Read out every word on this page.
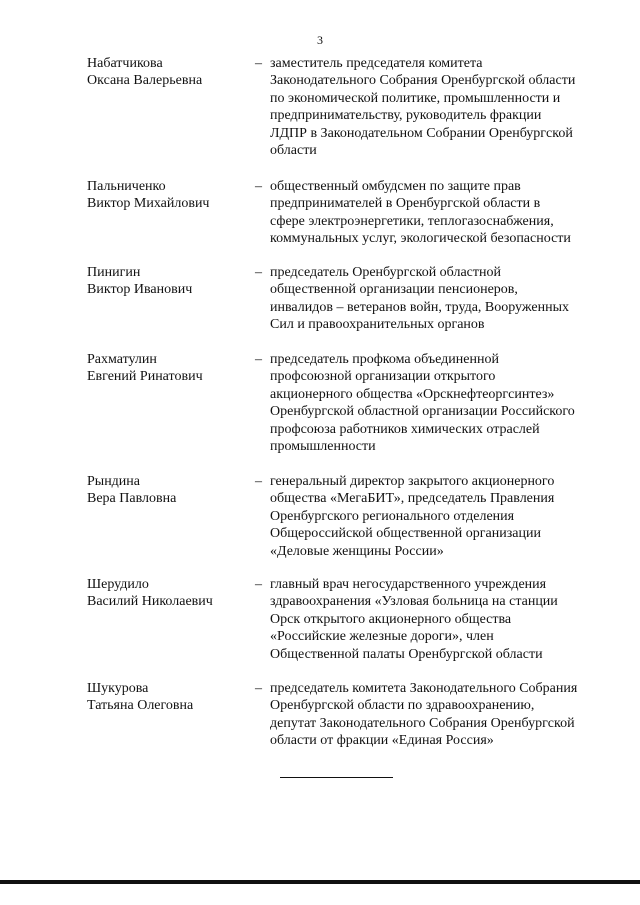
3
Набатчикова
Оксана Валерьевна
– заместитель председателя комитета
Законодательного Собрания Оренбургской области
по экономической политике, промышленности и
предпринимательству, руководитель фракции
ЛДПР в Законодательном Собрании Оренбургской
области
Пальниченко
Виктор Михайлович
– общественный омбудсмен по защите прав
предпринимателей в Оренбургской области в
сфере электроэнергетики, теплогазоснабжения,
коммунальных услуг, экологической безопасности
Пинигин
Виктор Иванович
– председатель Оренбургской областной
общественной организации пенсионеров,
инвалидов – ветеранов войн, труда, Вооруженных
Сил и правоохранительных органов
Рахматулин
Евгений Ринатович
– председатель профкома объединенной
профсоюзной организации открытого
акционерного общества «Орскнефтеоргсинтез»
Оренбургской областной организации Российского
профсоюза работников химических отраслей
промышленности
Рындина
Вера Павловна
– генеральный директор закрытого акционерного
общества «МегаБИТ», председатель Правления
Оренбургского регионального отделения
Общероссийской общественной организации
«Деловые женщины России»
Шерудило
Василий Николаевич
– главный врач негосударственного учреждения
здравоохранения «Узловая больница на станции
Орск открытого акционерного общества
«Российские железные дороги», член
Общественной палаты Оренбургской области
Шукурова
Татьяна Олеговна
– председатель комитета Законодательного Собрания
Оренбургской области по здравоохранению,
депутат Законодательного Собрания Оренбургской
области от фракции «Единая Россия»
